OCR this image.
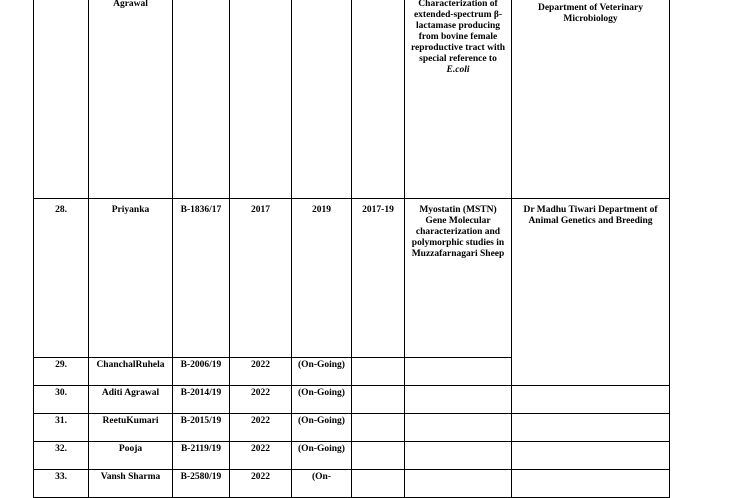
	Agrawal					Characterization of extended-spectrum β-lactamase producing from bovine female reproductive tract with special reference to E.coli	Department of Veterinary Microbiology
28.	Priyanka	B-1836/17	2017	2019	2017-19	Myostatin (MSTN) Gene Molecular characterization and polymorphic studies in Muzzafarnagari Sheep	Dr Madhu Tiwari Department of Animal Genetics and Breeding
29.	ChanchalRuhela	B-2006/19	2022	(On-Going)			
30.	Aditi Agrawal	B-2014/19	2022	(On-Going)			
31.	ReetuKumari	B-2015/19	2022	(On-Going)			
32.	Pooja	B-2119/19	2022	(On-Going)			
33.	Vansh Sharma	B-2580/19	2022	(On-			
